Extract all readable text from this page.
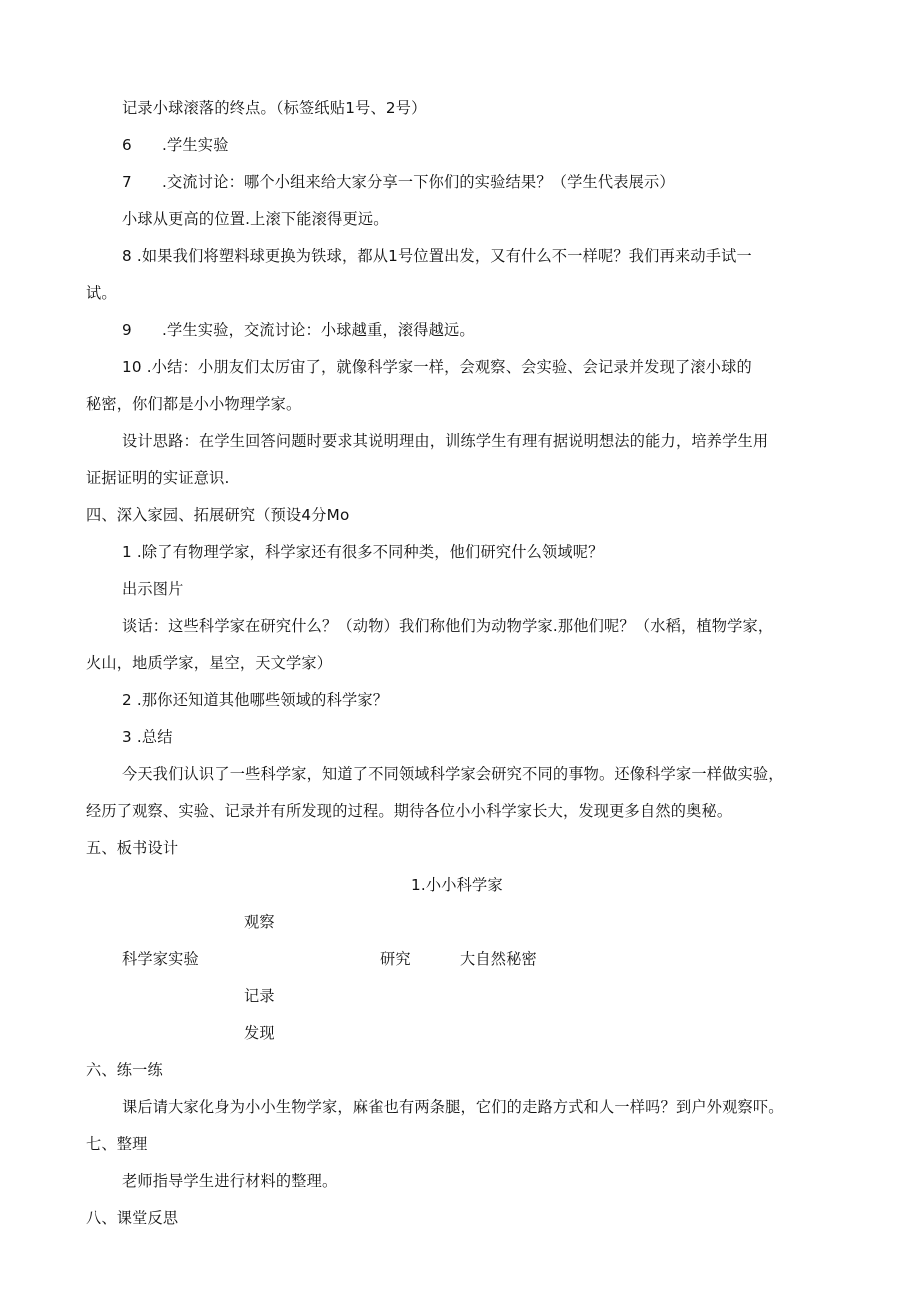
记录小球滚落的终点。（标签纸贴1号、2号）
6 .学生实验
7 .交流讨论：哪个小组来给大家分享一下你们的实验结果？（学生代表展示）
小球从更高的位置.上滚下能滚得更远。
8 .如果我们将塑料球更换为铁球，都从1号位置出发，又有什么不一样呢？我们再来动手试一
试。
9 .学生实验，交流讨论：小球越重，滚得越远。
10 .小结：小朋友们太厉宙了，就像科学家一样，会观察、会实验、会记录并发现了滚小球的
秘密，你们都是小小物理学家。
设计思路：在学生回答问题时要求其说明理由，训练学生有理有据说明想法的能力，培养学生用
证据证明的实证意识.
四、深入家园、拓展研究（预设4分Mo
1 .除了有物理学家，科学家还有很多不同种类，他们研究什么领域呢？
出示图片
谈话：这些科学家在研究什么？（动物）我们称他们为动物学家.那他们呢？（水稻，植物学家，
火山，地质学家，星空，天文学家）
2 .那你还知道其他哪些领域的科学家？
3 .总结
今天我们认识了一些科学家，知道了不同领域科学家会研究不同的事物。还像科学家一样做实验，
经历了观察、实验、记录并有所发现的过程。期待各位小小科学家长大，发现更多自然的奥秘。
五、板书设计
1.小小科学家
观察
科学家实验	研究	大自然秘密
记录
发现
六、练一练
课后请大家化身为小小生物学家，麻雀也有两条腿，它们的走路方式和人一样吗？到户外观察吓。
七、整理
老师指导学生进行材料的整理。
八、课堂反思
